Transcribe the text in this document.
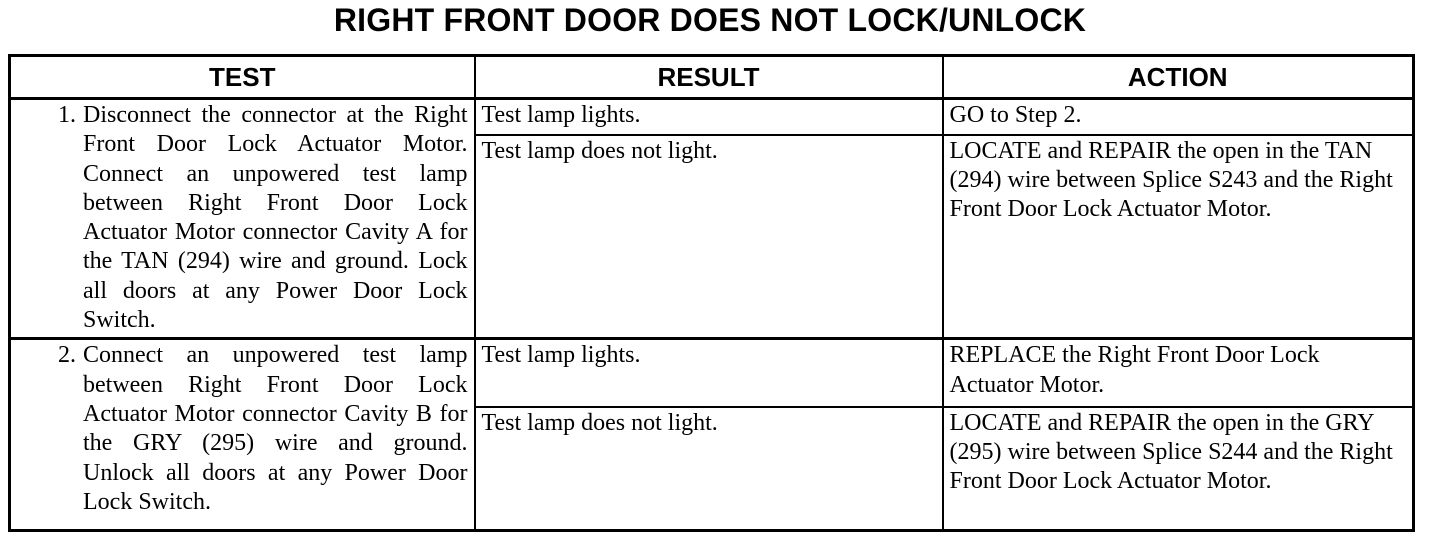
RIGHT FRONT DOOR DOES NOT LOCK/UNLOCK
TEST	RESULT	ACTION

1. Disconnect the connector at the Right Front Door Lock Actuator Motor. Connect an unpowered test lamp between Right Front Door Lock Actuator Motor connector Cavity A for the TAN (294) wire and ground. Lock all doors at any Power Door Lock Switch.	Test lamp lights.	GO to Step 2.
	Test lamp does not light.	LOCATE and REPAIR the open in the TAN (294) wire between Splice S243 and the Right Front Door Lock Actuator Motor.

2. Connect an unpowered test lamp between Right Front Door Lock Actuator Motor connector Cavity B for the GRY (295) wire and ground. Unlock all doors at any Power Door Lock Switch.	Test lamp lights.	REPLACE the Right Front Door Lock Actuator Motor.
	Test lamp does not light.	LOCATE and REPAIR the open in the GRY (295) wire between Splice S244 and the Right Front Door Lock Actuator Motor.
